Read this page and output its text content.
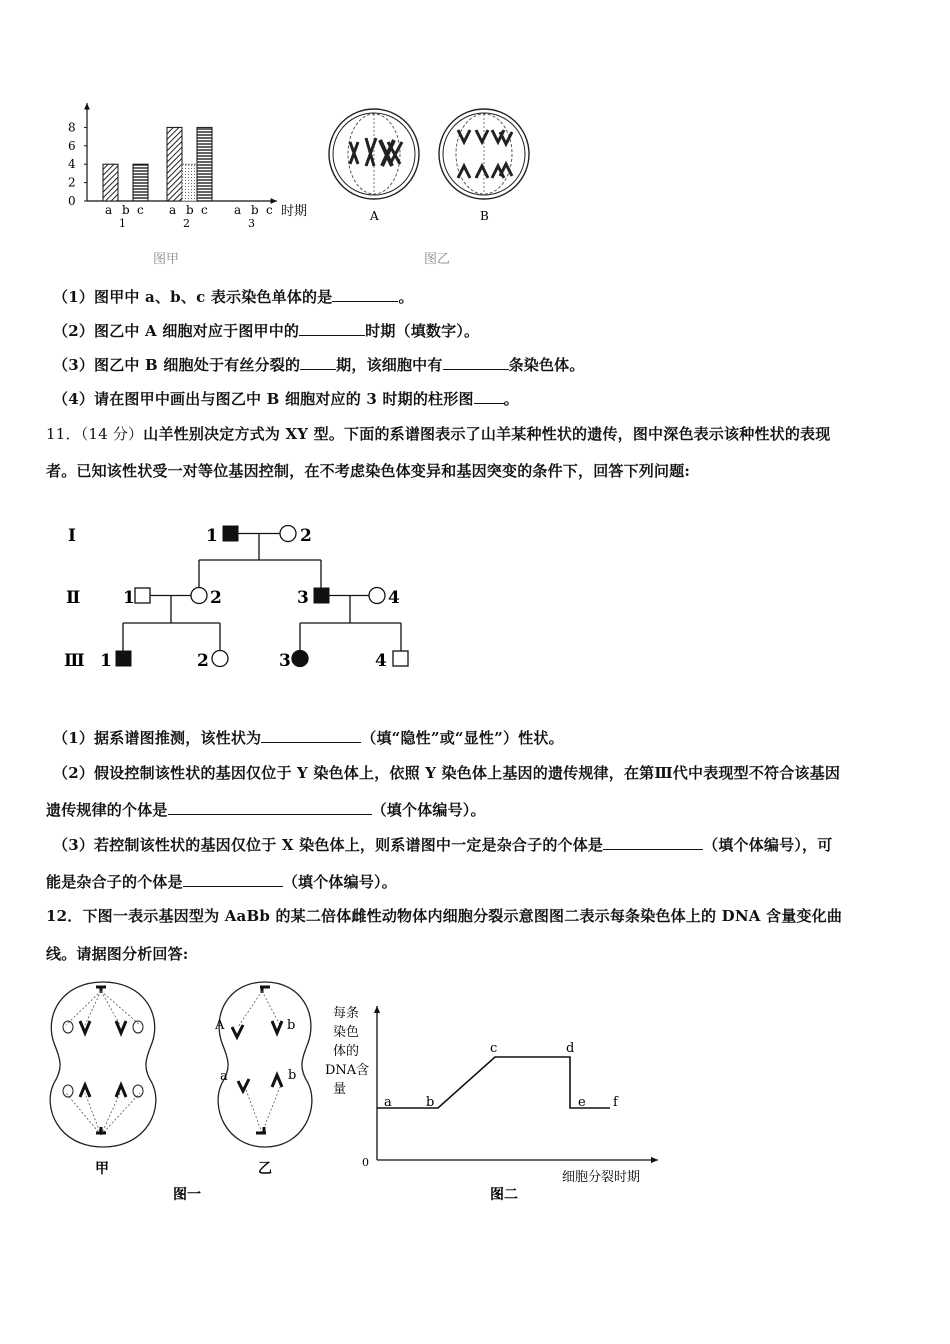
0
2
4
6
8
a b c
1
a b c
2
a b c
3
时期
图甲
A	B
图乙
（1）图甲中 a、b、c 表示染色单体的是	。
（2）图乙中 A 细胞对应于图甲中的	时期（填数字）。
（3）图乙中 B 细胞处于有丝分裂的 期，该细胞中有	条染色体。
（4）请在图甲中画出与图乙中 B 细胞对应的 3 时期的柱形图 。
11．（14 分）山羊性别决定方式为 XY 型。下面的系谱图表示了山羊某种性状的遗传，图中深色表示该种性状的表现
者。已知该性状受一对等位基因控制，在不考虑染色体变异和基因突变的条件下，回答下列问题:
Ⅰ
Ⅱ
Ⅲ
1	2
1	2	3	4
1	2	3	4
（1）据系谱图推测，该性状为	（填“隐性”或“显性”）性状。
（2）假设控制该性状的基因仅位于 Y 染色体上，依照 Y 染色体上基因的遗传规律，在第Ⅲ代中表现型不符合该基因
遗传规律的个体是	（填个体编号）。
（3）若控制该性状的基因仅位于 X 染色体上，则系谱图中一定是杂合子的个体是	（填个体编号），可
能是杂合子的个体是	（填个体编号）。
12．下图一表示基因型为 AaBb 的某二倍体雌性动物体内细胞分裂示意图图二表示每条染色体上的 DNA 含量变化曲
线。请据图分析回答:
甲
A	b
a	b
乙
图一
每条
染色
体的
DNA含
量
0
a	b
c	d
e f
细胞分裂时期
图二
